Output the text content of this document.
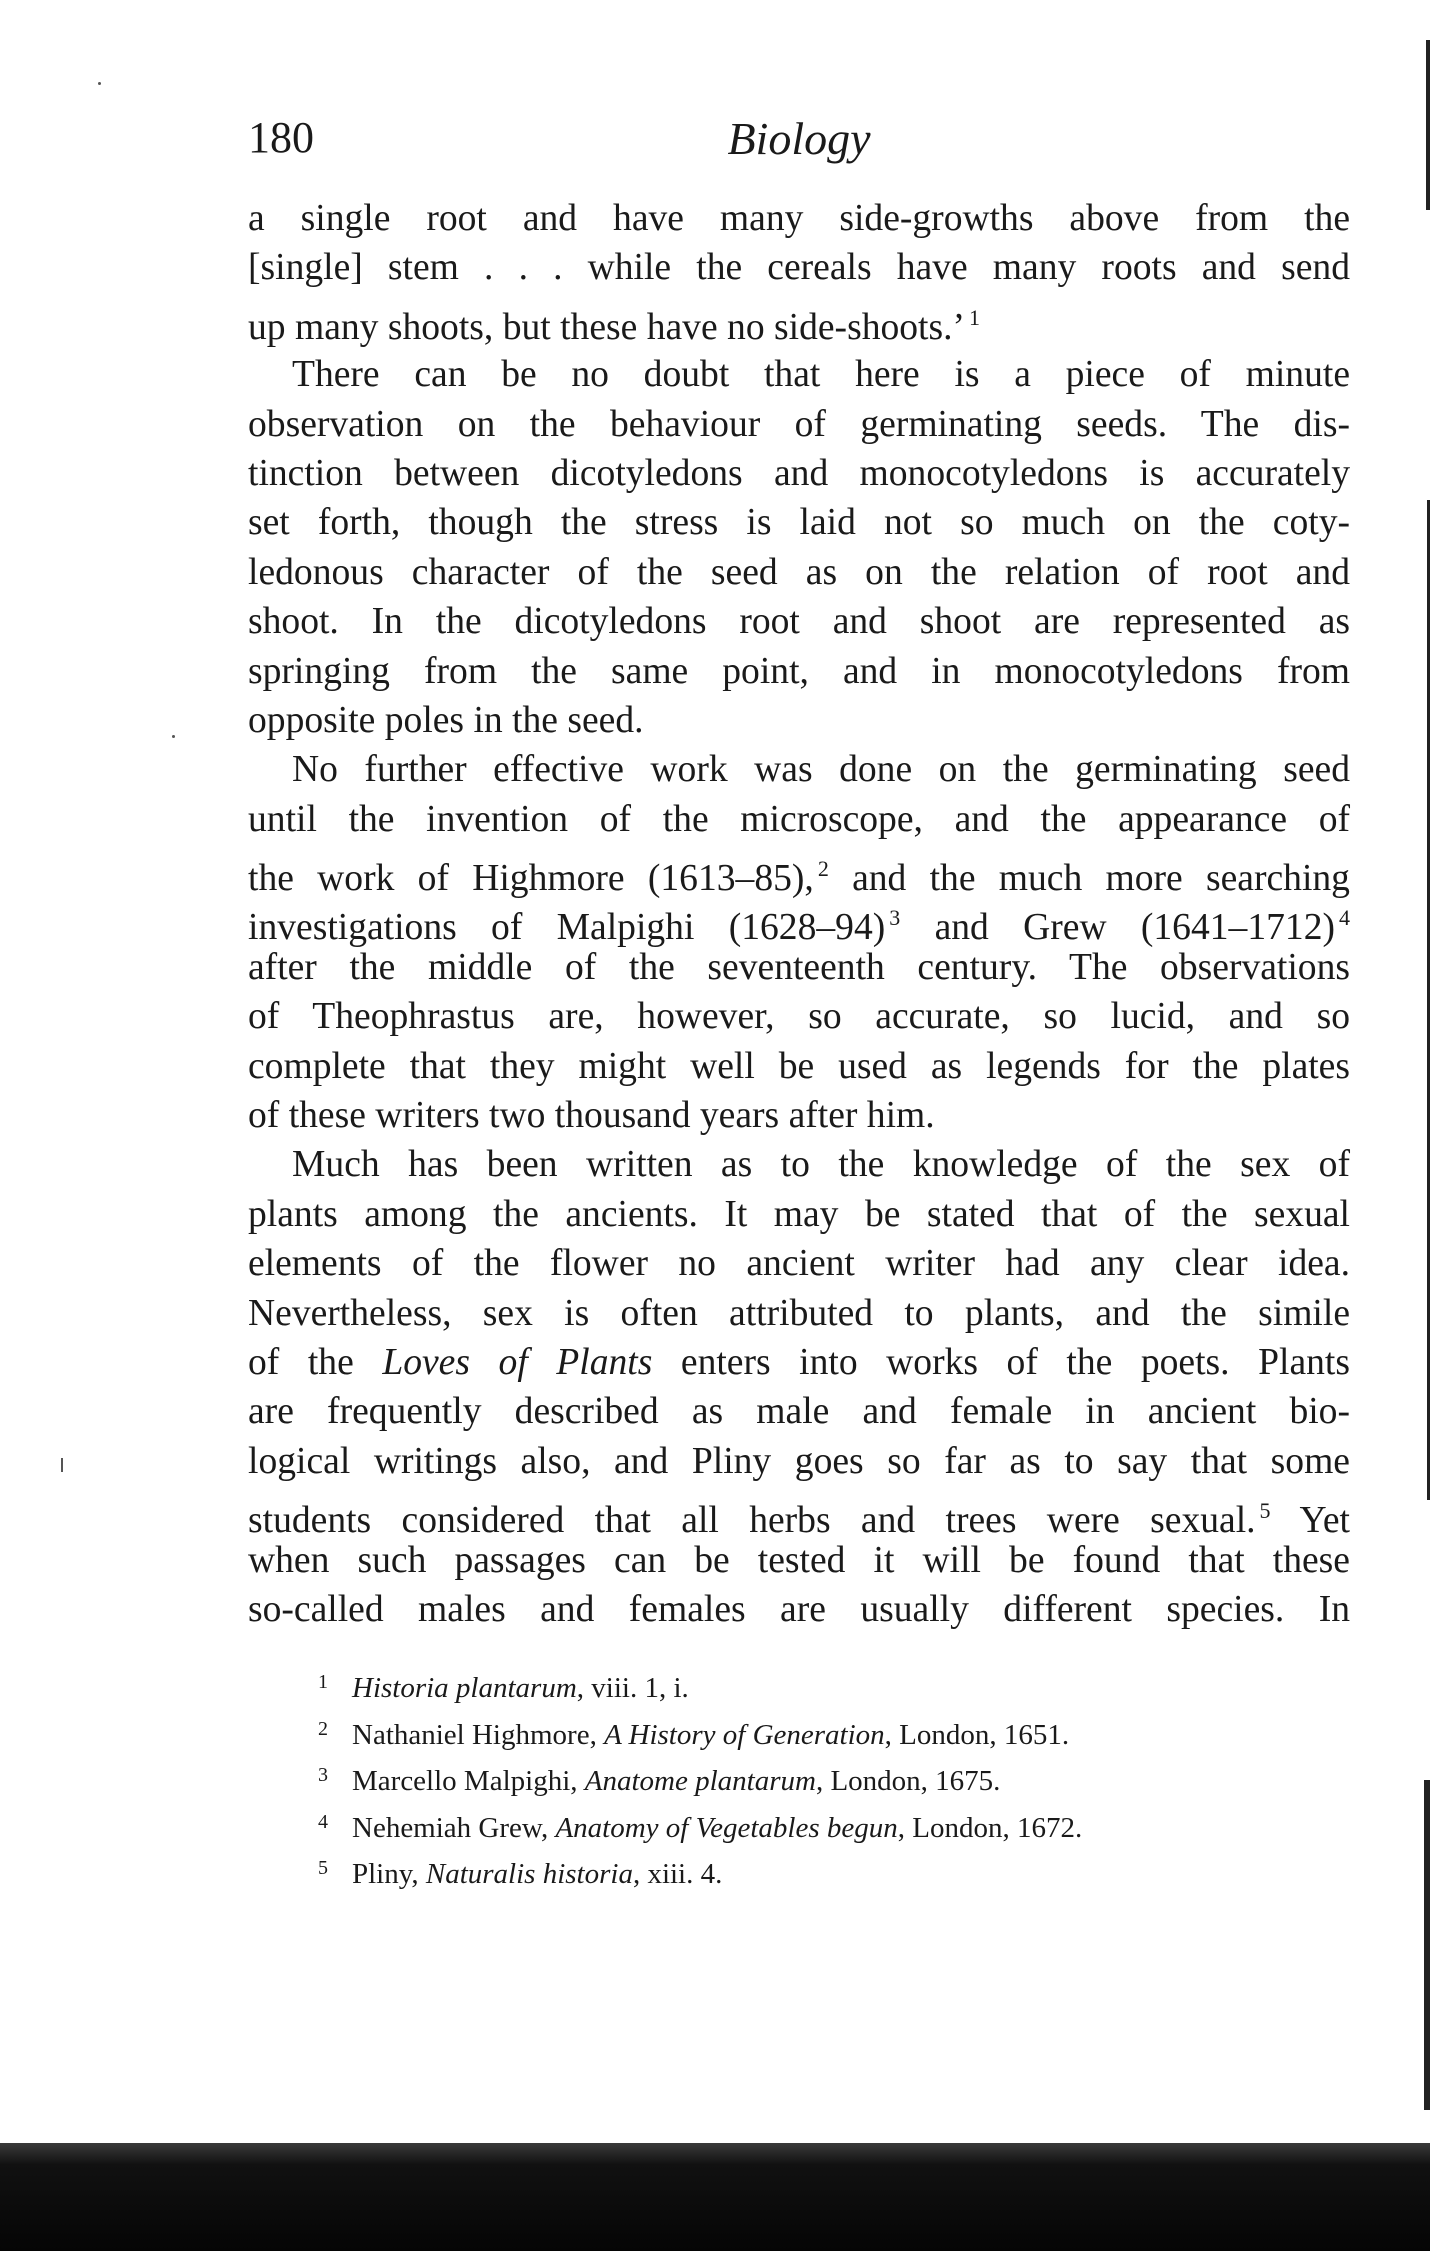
180	Biology
a single root and have many side-growths above from the
[single] stem . . . while the cereals have many roots and send
up many shoots, but these have no side-shoots.’ $^1$
There can be no doubt that here is a piece of minute
observation on the behaviour of germinating seeds. The dis-
tinction between dicotyledons and monocotyledons is accurately
set forth, though the stress is laid not so much on the coty-
ledonous character of the seed as on the relation of root and
shoot. In the dicotyledons root and shoot are represented as
springing from the same point, and in monocotyledons from
opposite poles in the seed.
No further effective work was done on the germinating seed
until the invention of the microscope, and the appearance of
the work of Highmore (1613–85), $^2$ and the much more searching
investigations of Malpighi (1628–94) $^3$ and Grew (1641–1712) $^4$
after the middle of the seventeenth century. The observations
of Theophrastus are, however, so accurate, so lucid, and so
complete that they might well be used as legends for the plates
of these writers two thousand years after him.
Much has been written as to the knowledge of the sex of
plants among the ancients. It may be stated that of the sexual
elements of the flower no ancient writer had any clear idea.
Nevertheless, sex is often attributed to plants, and the simile
of the Loves of Plants enters into works of the poets. Plants
are frequently described as male and female in ancient bio-
logical writings also, and Pliny goes so far as to say that some
students considered that all herbs and trees were sexual. $^5$ Yet
when such passages can be tested it will be found that these
so-called males and females are usually different species. In
1 Historia plantarum, viii. 1, i.
2 Nathaniel Highmore, A History of Generation, London, 1651.
3 Marcello Malpighi, Anatome plantarum, London, 1675.
4 Nehemiah Grew, Anatomy of Vegetables begun, London, 1672.
5 Pliny, Naturalis historia, xiii. 4.
